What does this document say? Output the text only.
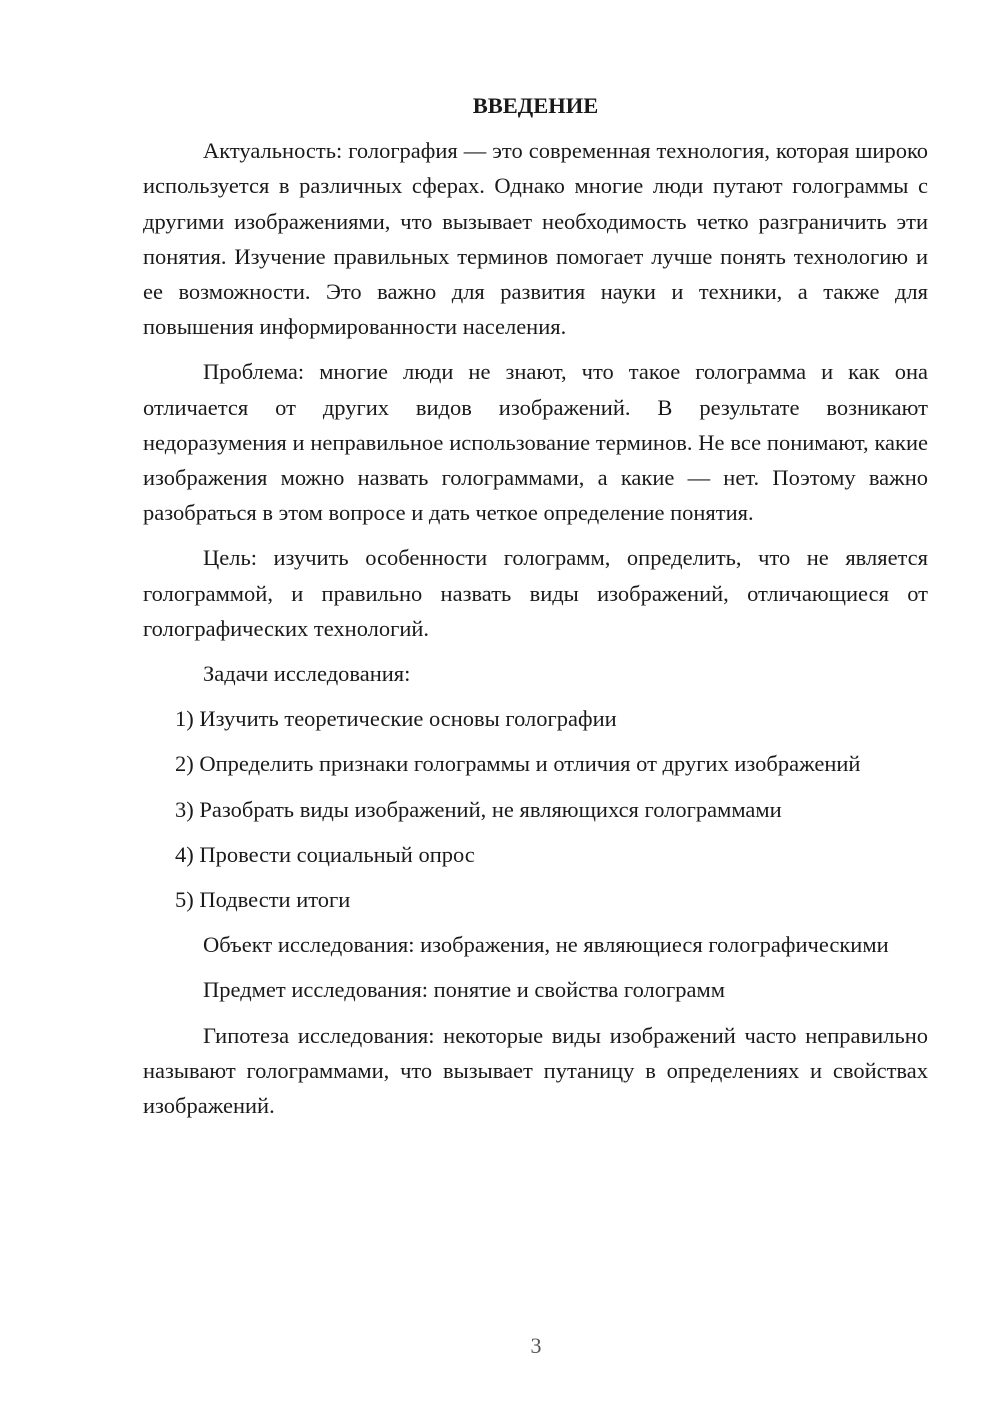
ВВЕДЕНИЕ

Актуальность: голография — это современная технология, которая широко используется в различных сферах. Однако многие люди путают голограммы с другими изображениями, что вызывает необходимость четко разграничить эти понятия. Изучение правильных терминов помогает лучше понять технологию и ее возможности. Это важно для развития науки и техники, а также для повышения информированности населения.

Проблема: многие люди не знают, что такое голограмма и как она отличается от других видов изображений. В результате возникают недоразумения и неправильное использование терминов. Не все понимают, какие изображения можно назвать голограммами, а какие — нет. Поэтому важно разобраться в этом вопросе и дать четкое определение понятия.

Цель: изучить особенности голограмм, определить, что не является голограммой, и правильно назвать виды изображений, отличающиеся от голографических технологий.

Задачи исследования:

1) Изучить теоретические основы голографии

2) Определить признаки голограммы и отличия от других изображений

3) Разобрать виды изображений, не являющихся голограммами

4) Провести социальный опрос

5) Подвести итоги

Объект исследования: изображения, не являющиеся голографическими

Предмет исследования: понятие и свойства голограмм

Гипотеза исследования: некоторые виды изображений часто неправильно называют голограммами, что вызывает путаницу в определениях и свойствах изображений.

3
